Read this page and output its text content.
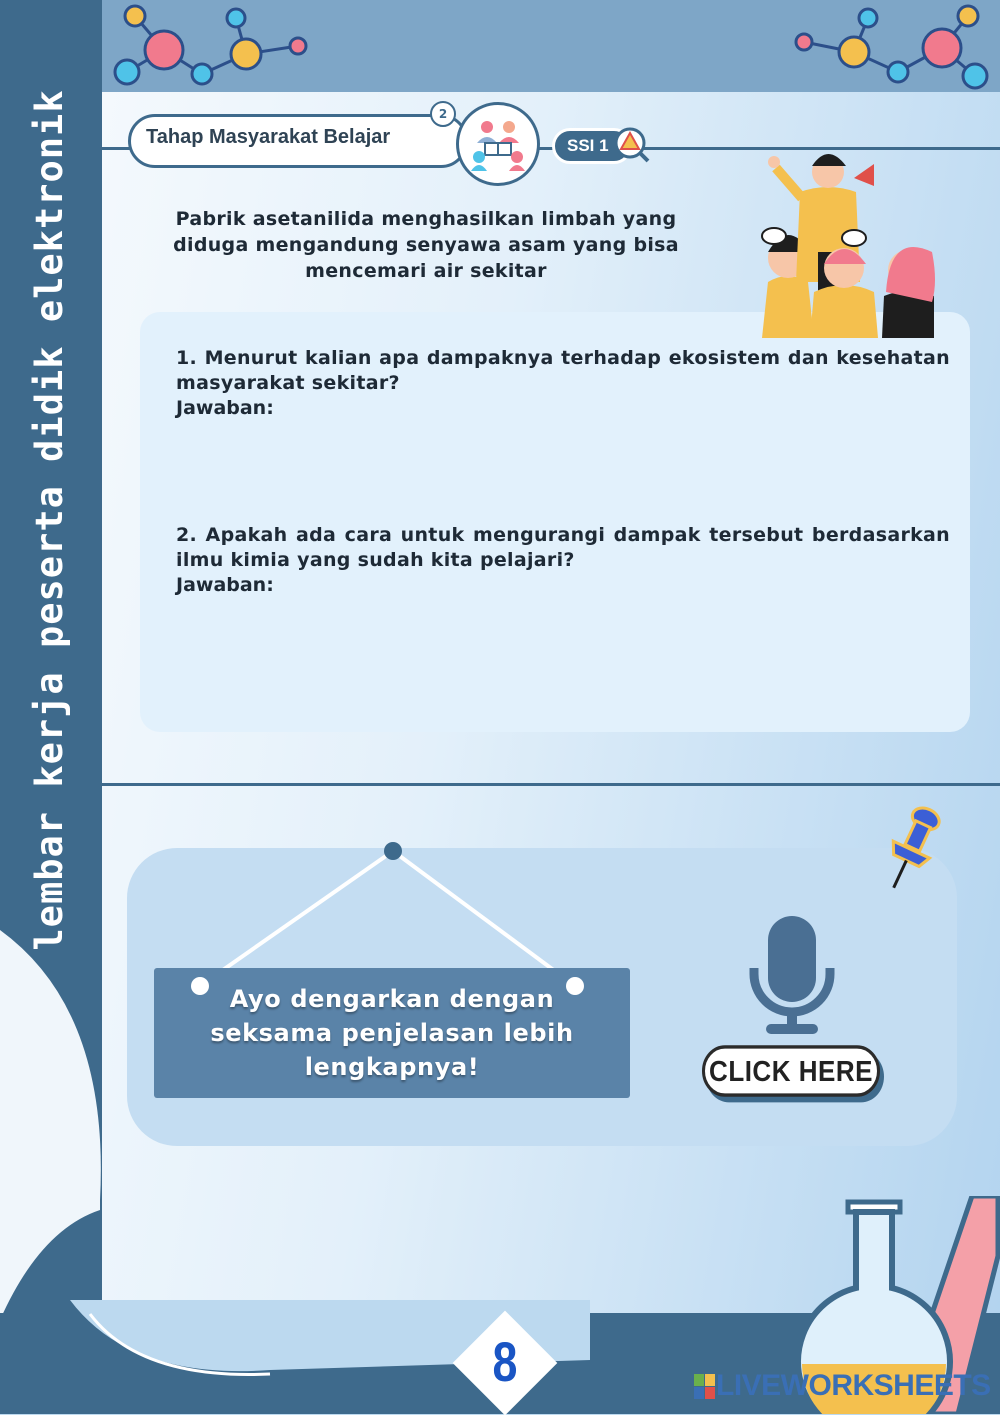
lembar kerja peserta didik elektronik	Tahap Masyarakat Belajar
2
SSI 1
Pabrik asetanilida menghasilkan limbah yang
diduga mengandung senyawa asam yang bisa
mencemari air sekitar
1. Menurut kalian apa dampaknya terhadap ekosistem dan kesehatan masyarakat sekitar?
Jawaban:
2. Apakah ada cara untuk mengurangi dampak tersebut berdasarkan ilmu kimia yang sudah kita pelajari?
Jawaban:
Ayo dengarkan dengan
seksama penjelasan lebih
lengkapnya!	CLICK HERE
8	LIVEWORKSHEETS
